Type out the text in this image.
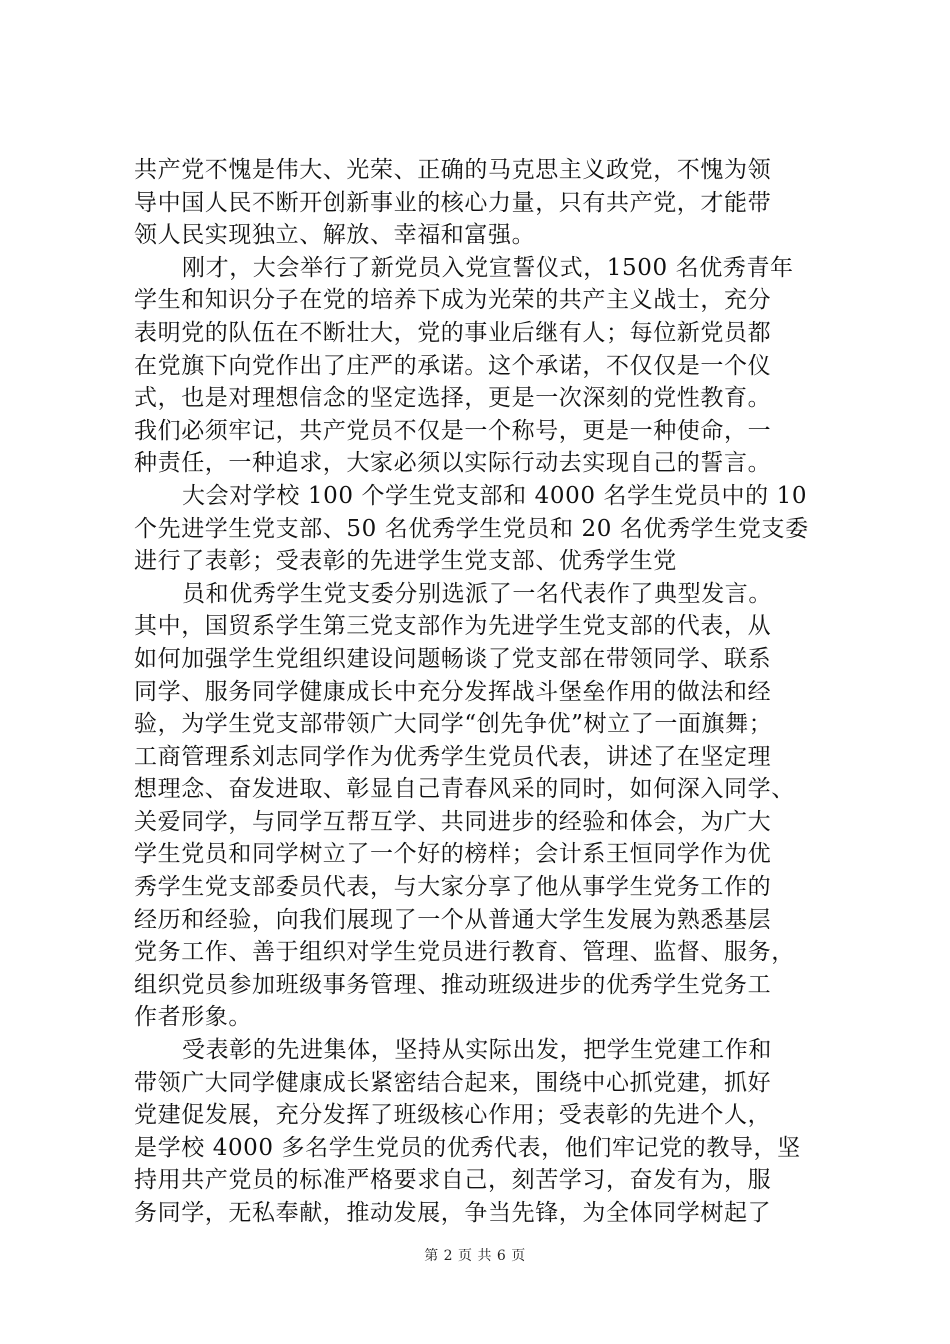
共产党不愧是伟大、光荣、正确的马克思主义政党，不愧为领
导中国人民不断开创新事业的核心力量，只有共产党，才能带
领人民实现独立、解放、幸福和富强。
刚才，大会举行了新党员入党宣誓仪式，1500 名优秀青年
学生和知识分子在党的培养下成为光荣的共产主义战士，充分
表明党的队伍在不断壮大，党的事业后继有人；每位新党员都
在党旗下向党作出了庄严的承诺。这个承诺，不仅仅是一个仪
式，也是对理想信念的坚定选择，更是一次深刻的党性教育。
我们必须牢记，共产党员不仅是一个称号，更是一种使命，一
种责任，一种追求，大家必须以实际行动去实现自己的誓言。
大会对学校 100 个学生党支部和 4000 名学生党员中的 10
个先进学生党支部、50 名优秀学生党员和 20 名优秀学生党支委
进行了表彰；受表彰的先进学生党支部、优秀学生党
员和优秀学生党支委分别选派了一名代表作了典型发言。
其中，国贸系学生第三党支部作为先进学生党支部的代表，从
如何加强学生党组织建设问题畅谈了党支部在带领同学、联系
同学、服务同学健康成长中充分发挥战斗堡垒作用的做法和经
验，为学生党支部带领广大同学“创先争优”树立了一面旗舞；
工商管理系刘志同学作为优秀学生党员代表，讲述了在坚定理
想理念、奋发进取、彰显自己青春风采的同时，如何深入同学、
关爱同学，与同学互帮互学、共同进步的经验和体会，为广大
学生党员和同学树立了一个好的榜样；会计系王恒同学作为优
秀学生党支部委员代表，与大家分享了他从事学生党务工作的
经历和经验，向我们展现了一个从普通大学生发展为熟悉基层
党务工作、善于组织对学生党员进行教育、管理、监督、服务，
组织党员参加班级事务管理、推动班级进步的优秀学生党务工
作者形象。
受表彰的先进集体，坚持从实际出发，把学生党建工作和
带领广大同学健康成长紧密结合起来，围绕中心抓党建，抓好
党建促发展，充分发挥了班级核心作用；受表彰的先进个人，
是学校 4000 多名学生党员的优秀代表，他们牢记党的教导，坚
持用共产党员的标准严格要求自己，刻苦学习，奋发有为，服
务同学，无私奉献，推动发展，争当先锋，为全体同学树起了
第 2 页 共 6 页
